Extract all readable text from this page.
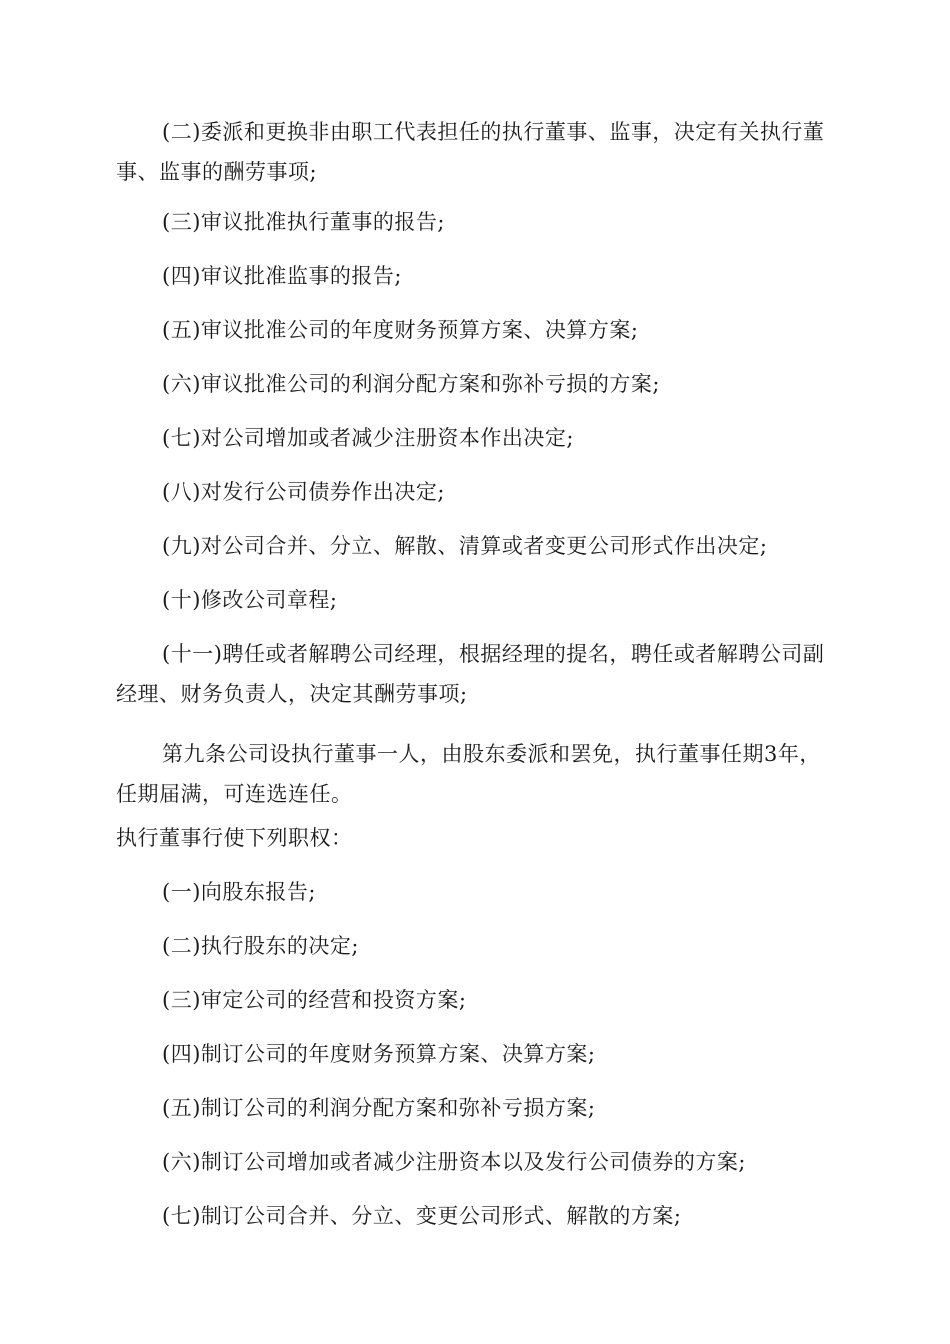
(二)委派和更换非由职工代表担任的执行董事、监事，决定有关执行董事、监事的酬劳事项;

(三)审议批准执行董事的报告;

(四)审议批准监事的报告;

(五)审议批准公司的年度财务预算方案、决算方案;

(六)审议批准公司的利润分配方案和弥补亏损的方案;

(七)对公司增加或者减少注册资本作出决定;

(八)对发行公司债券作出决定;

(九)对公司合并、分立、解散、清算或者变更公司形式作出决定;

(十)修改公司章程;

(十一)聘任或者解聘公司经理，根据经理的提名，聘任或者解聘公司副经理、财务负责人，决定其酬劳事项;

第九条公司设执行董事一人，由股东委派和罢免，执行董事任期3年，任期届满，可连选连任。

执行董事行使下列职权：

(一)向股东报告;

(二)执行股东的决定;

(三)审定公司的经营和投资方案;

(四)制订公司的年度财务预算方案、决算方案;

(五)制订公司的利润分配方案和弥补亏损方案;

(六)制订公司增加或者减少注册资本以及发行公司债券的方案;

(七)制订公司合并、分立、变更公司形式、解散的方案;
